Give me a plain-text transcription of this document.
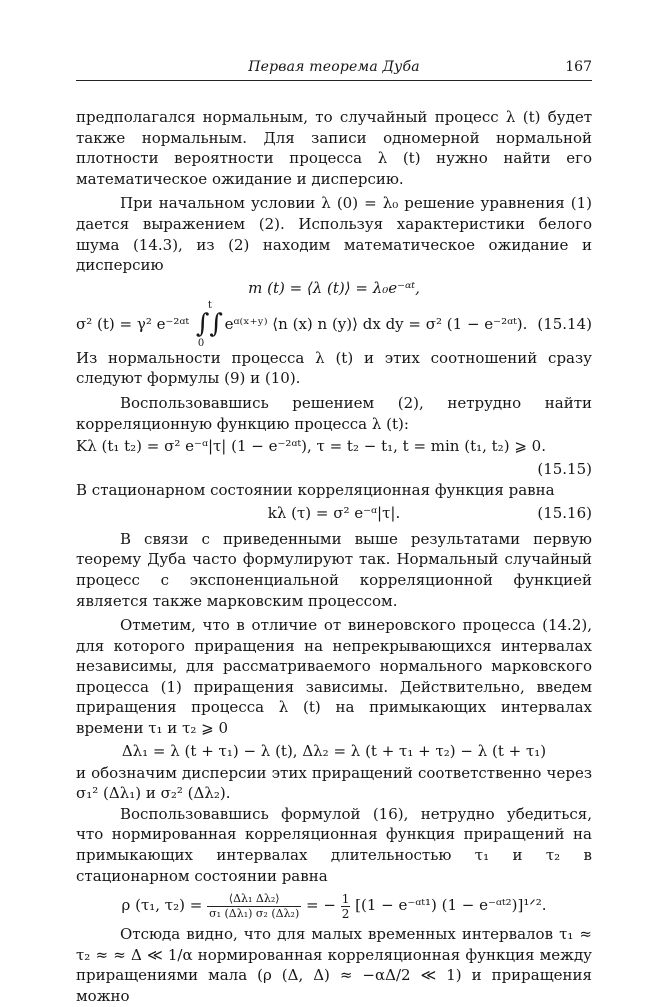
Первая теорема Дуба	167

предполагался нормальным, то случайный процесс λ (t) будет также нормальным. Для записи одномерной нормальной плотности вероятности процесса λ (t) нужно найти его математическое ожидание и дисперсию.

При начальном условии λ (0) = λ₀ решение уравнения (1) дается выражением (2). Используя характеристики белого шума (14.3), из (2) находим математическое ожидание и дисперсию

m (t) = ⟨λ (t)⟩ = λ₀e⁻ᵅᵗ,
σ² (t) = γ² e⁻²ᵅᵗ ∫∫
t
0
eᵅ⁽ˣ⁺ʸ⁾ ⟨n (x) n (y)⟩ dx dy = σ² (1 − e⁻²ᵅᵗ). (15.14)

Из нормальности процесса λ (t) и этих соотношений сразу следуют формулы (9) и (10).

Воспользовавшись решением (2), нетрудно найти корреляционную функцию процесса λ (t):

Kλ (t₁ t₂) = σ² e⁻ᵅ|τ| (1 − e⁻²ᵅᵗ), τ = t₂ − t₁, t = min (t₁, t₂) ⩾ 0.
(15.15)

В стационарном состоянии корреляционная функция равна

kλ (τ) = σ² e⁻ᵅ|τ|.	(15.16)

В связи с приведенными выше результатами первую теорему Дуба часто формулируют так. Нормальный случайный процесс с экспоненциальной корреляционной функцией является также марковским процессом.

Отметим, что в отличие от винеровского процесса (14.2), для которого приращения на непрекрывающихся интервалах независимы, для рассматриваемого нормального марковского процесса (1) приращения зависимы. Действительно, введем приращения процесса λ (t) на примыкающих интервалах времени τ₁ и τ₂ ⩾ 0

Δλ₁ = λ (t + τ₁) − λ (t), Δλ₂ = λ (t + τ₁ + τ₂) − λ (t + τ₁)

и обозначим дисперсии этих приращений соответственно через σ₁² (Δλ₁) и σ₂² (Δλ₂).

Воспользовавшись формулой (16), нетрудно убедиться, что нормированная корреляционная функция приращений на примыкающих интервалах длительностью τ₁ и τ₂ в стационарном состоянии равна

ρ (τ₁, $\tau_2) = \frac{\text{⟨Δλ₁ Δλ₂⟩}}{\text{σ₁ (Δλ₁) σ₂ (Δλ₂)}}$ = − $\frac{1}{2} [(1$ − e⁻ᵅᵗ¹) (1 − e⁻ᵅᵗ²)]¹ᐟ².

Отсюда видно, что для малых временных интервалов τ₁ ≈ τ₂ ≈ ≈ Δ ≪ 1/α нормированная корреляционная функция между приращениями мала (ρ (Δ, Δ) ≈ −αΔ/2 ≪ 1) и приращения можно
